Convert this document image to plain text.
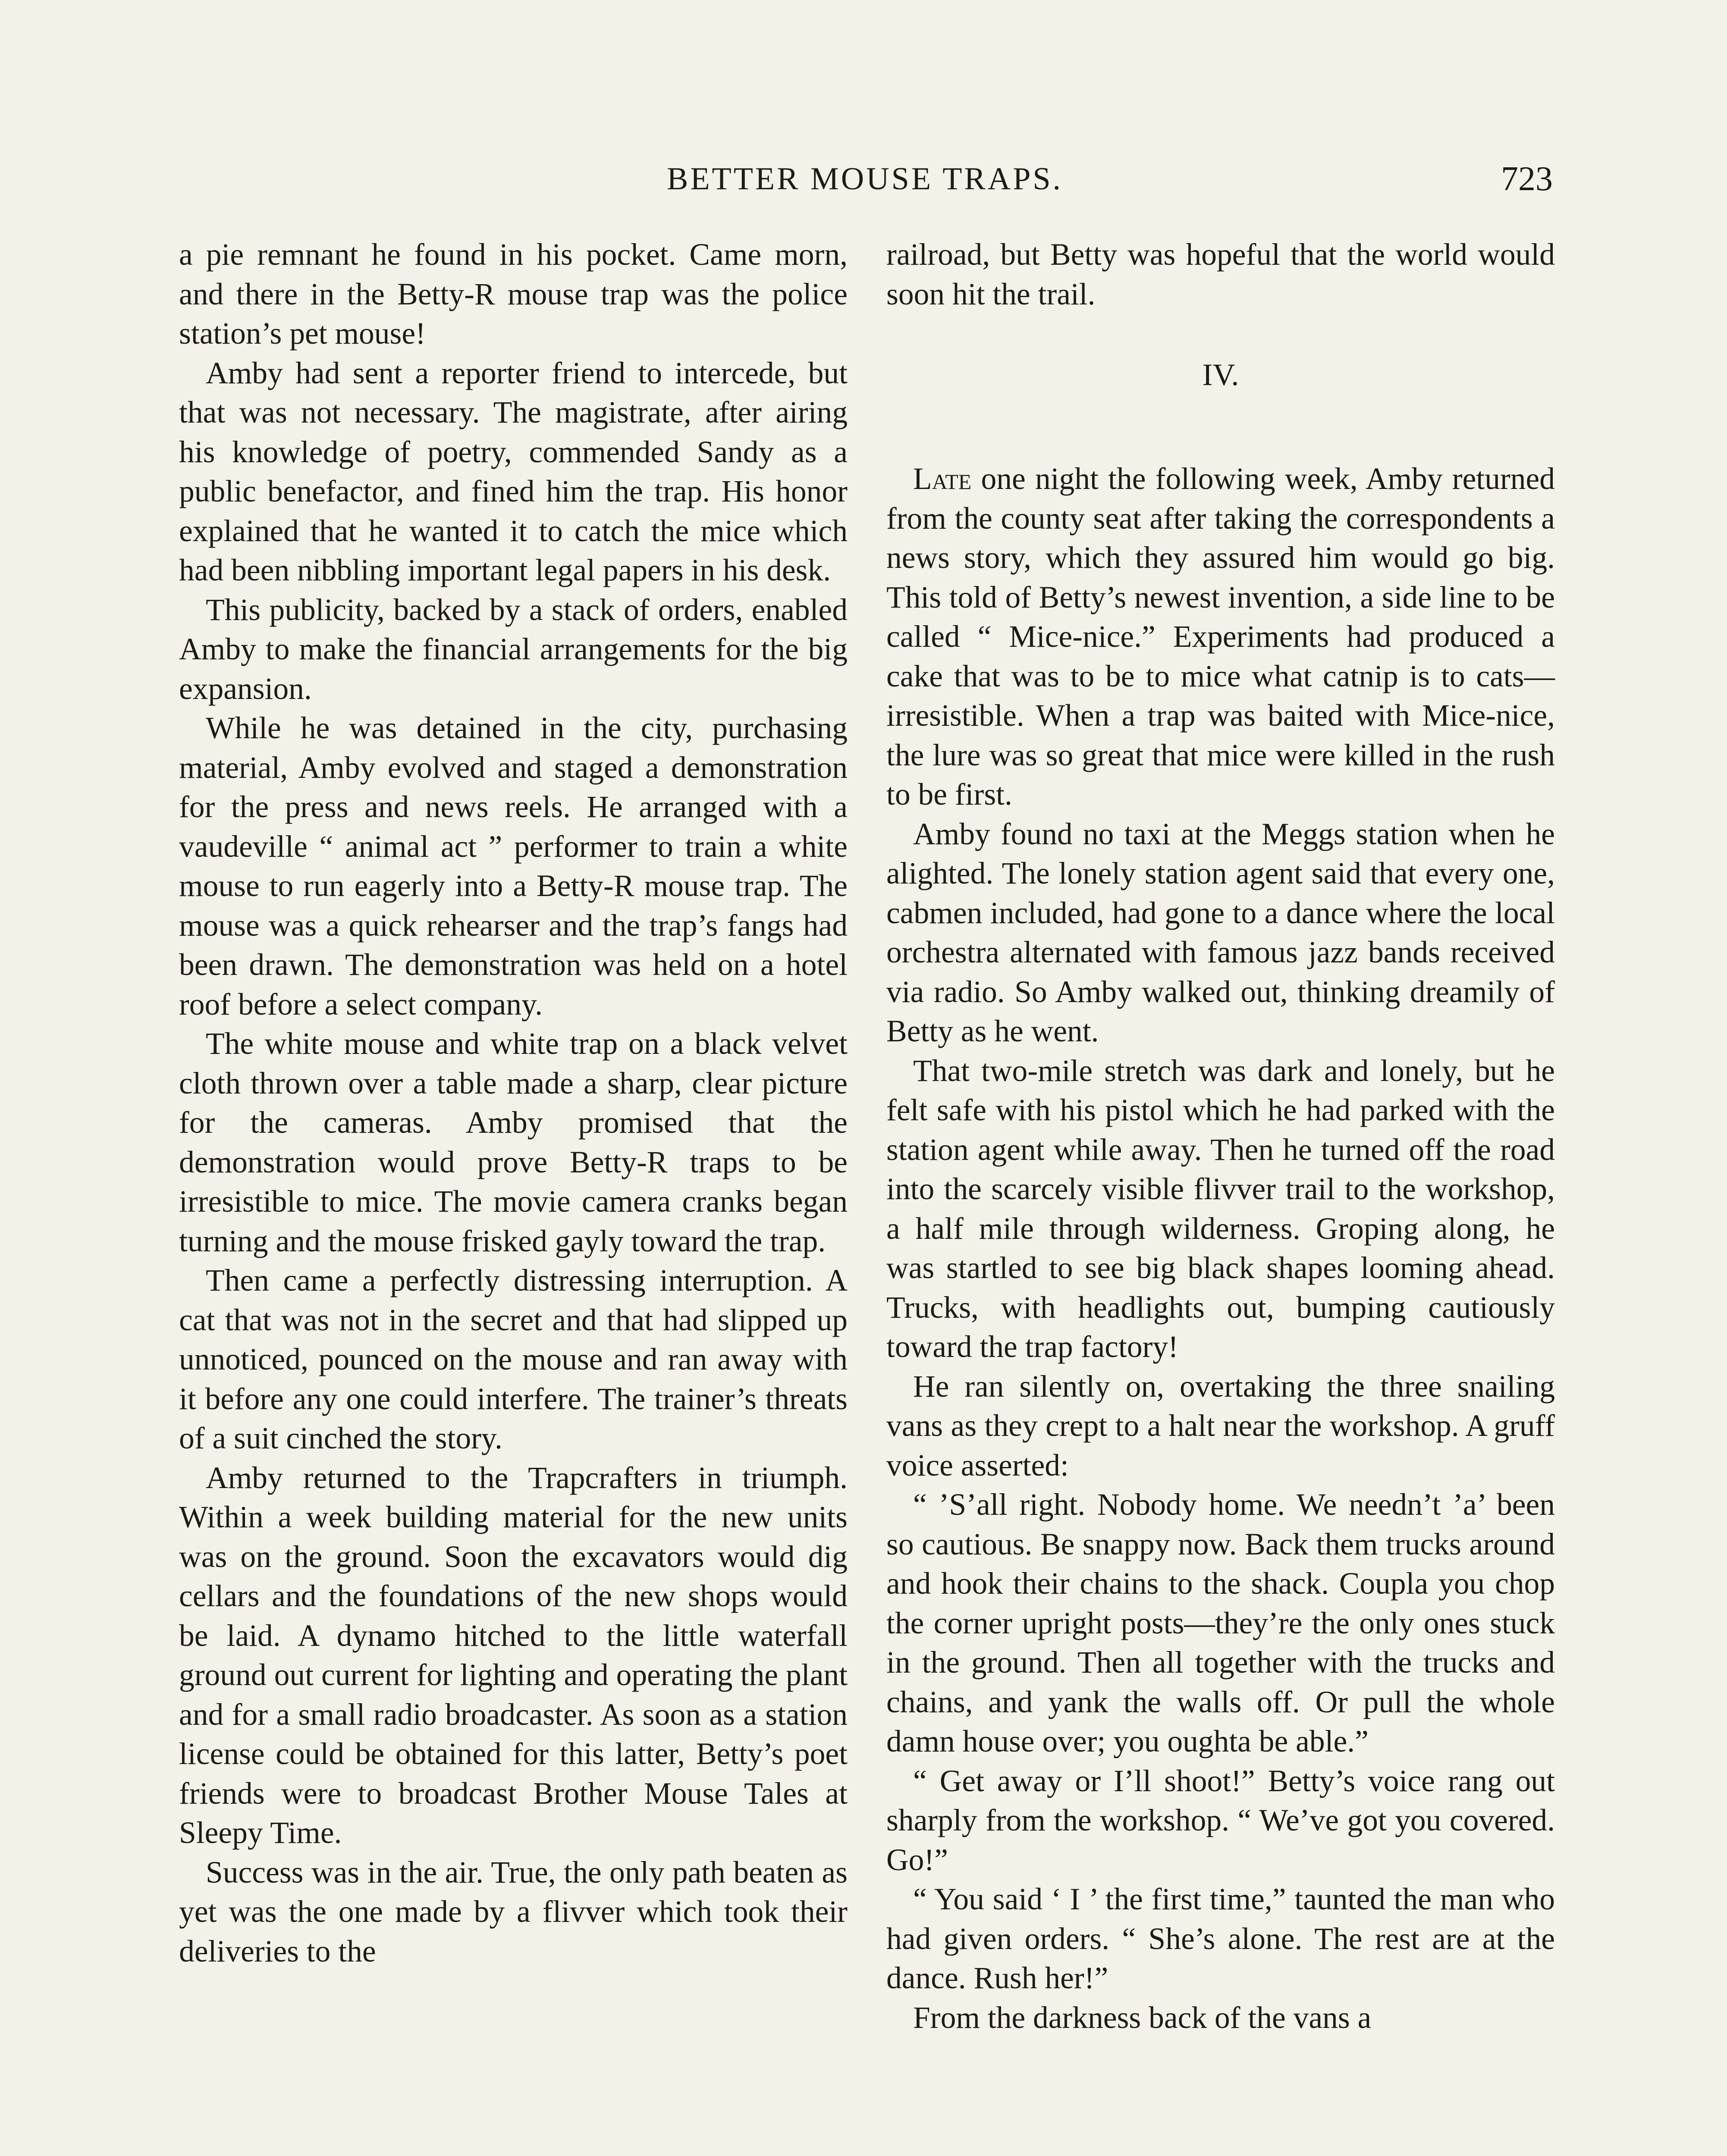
BETTER MOUSE TRAPS.	723

a pie remnant he found in his pocket. Came morn, and there in the Betty-R mouse trap was the police station’s pet mouse!

Amby had sent a reporter friend to intercede, but that was not necessary. The magistrate, after airing his knowledge of poetry, commended Sandy as a public benefactor, and fined him the trap. His honor explained that he wanted it to catch the mice which had been nibbling important legal papers in his desk.

This publicity, backed by a stack of orders, enabled Amby to make the financial arrangements for the big expansion.

While he was detained in the city, purchasing material, Amby evolved and staged a demonstration for the press and news reels. He arranged with a vaudeville “ animal act ” performer to train a white mouse to run eagerly into a Betty-R mouse trap. The mouse was a quick rehearser and the trap’s fangs had been drawn. The demonstration was held on a hotel roof before a select company.

The white mouse and white trap on a black velvet cloth thrown over a table made a sharp, clear picture for the cameras. Amby promised that the demonstration would prove Betty-R traps to be irresistible to mice. The movie camera cranks began turning and the mouse frisked gayly toward the trap.

Then came a perfectly distressing interruption. A cat that was not in the secret and that had slipped up unnoticed, pounced on the mouse and ran away with it before any one could interfere. The trainer’s threats of a suit cinched the story.

Amby returned to the Trapcrafters in triumph. Within a week building material for the new units was on the ground. Soon the excavators would dig cellars and the foundations of the new shops would be laid. A dynamo hitched to the little waterfall ground out current for lighting and operating the plant and for a small radio broadcaster. As soon as a station license could be obtained for this latter, Betty’s poet friends were to broadcast Brother Mouse Tales at Sleepy Time.

Success was in the air. True, the only path beaten as yet was the one made by a flivver which took their deliveries to the

railroad, but Betty was hopeful that the world would soon hit the trail.

IV.

Late one night the following week, Amby returned from the county seat after taking the correspondents a news story, which they assured him would go big. This told of Betty’s newest invention, a side line to be called “ Mice-nice.” Experiments had produced a cake that was to be to mice what catnip is to cats—irresistible. When a trap was baited with Mice-nice, the lure was so great that mice were killed in the rush to be first.

Amby found no taxi at the Meggs station when he alighted. The lonely station agent said that every one, cabmen included, had gone to a dance where the local orchestra alternated with famous jazz bands received via radio. So Amby walked out, thinking dreamily of Betty as he went.

That two-mile stretch was dark and lonely, but he felt safe with his pistol which he had parked with the station agent while away. Then he turned off the road into the scarcely visible flivver trail to the workshop, a half mile through wilderness. Groping along, he was startled to see big black shapes looming ahead. Trucks, with headlights out, bumping cautiously toward the trap factory!

He ran silently on, overtaking the three snailing vans as they crept to a halt near the workshop. A gruff voice asserted:

“ ’S’all right. Nobody home. We needn’t ’a’ been so cautious. Be snappy now. Back them trucks around and hook their chains to the shack. Coupla you chop the corner upright posts—they’re the only ones stuck in the ground. Then all together with the trucks and chains, and yank the walls off. Or pull the whole damn house over; you oughta be able.”

“ Get away or I’ll shoot!” Betty’s voice rang out sharply from the workshop. “ We’ve got you covered. Go!”

“ You said ‘ I ’ the first time,” taunted the man who had given orders. “ She’s alone. The rest are at the dance. Rush her!”

From the darkness back of the vans a
